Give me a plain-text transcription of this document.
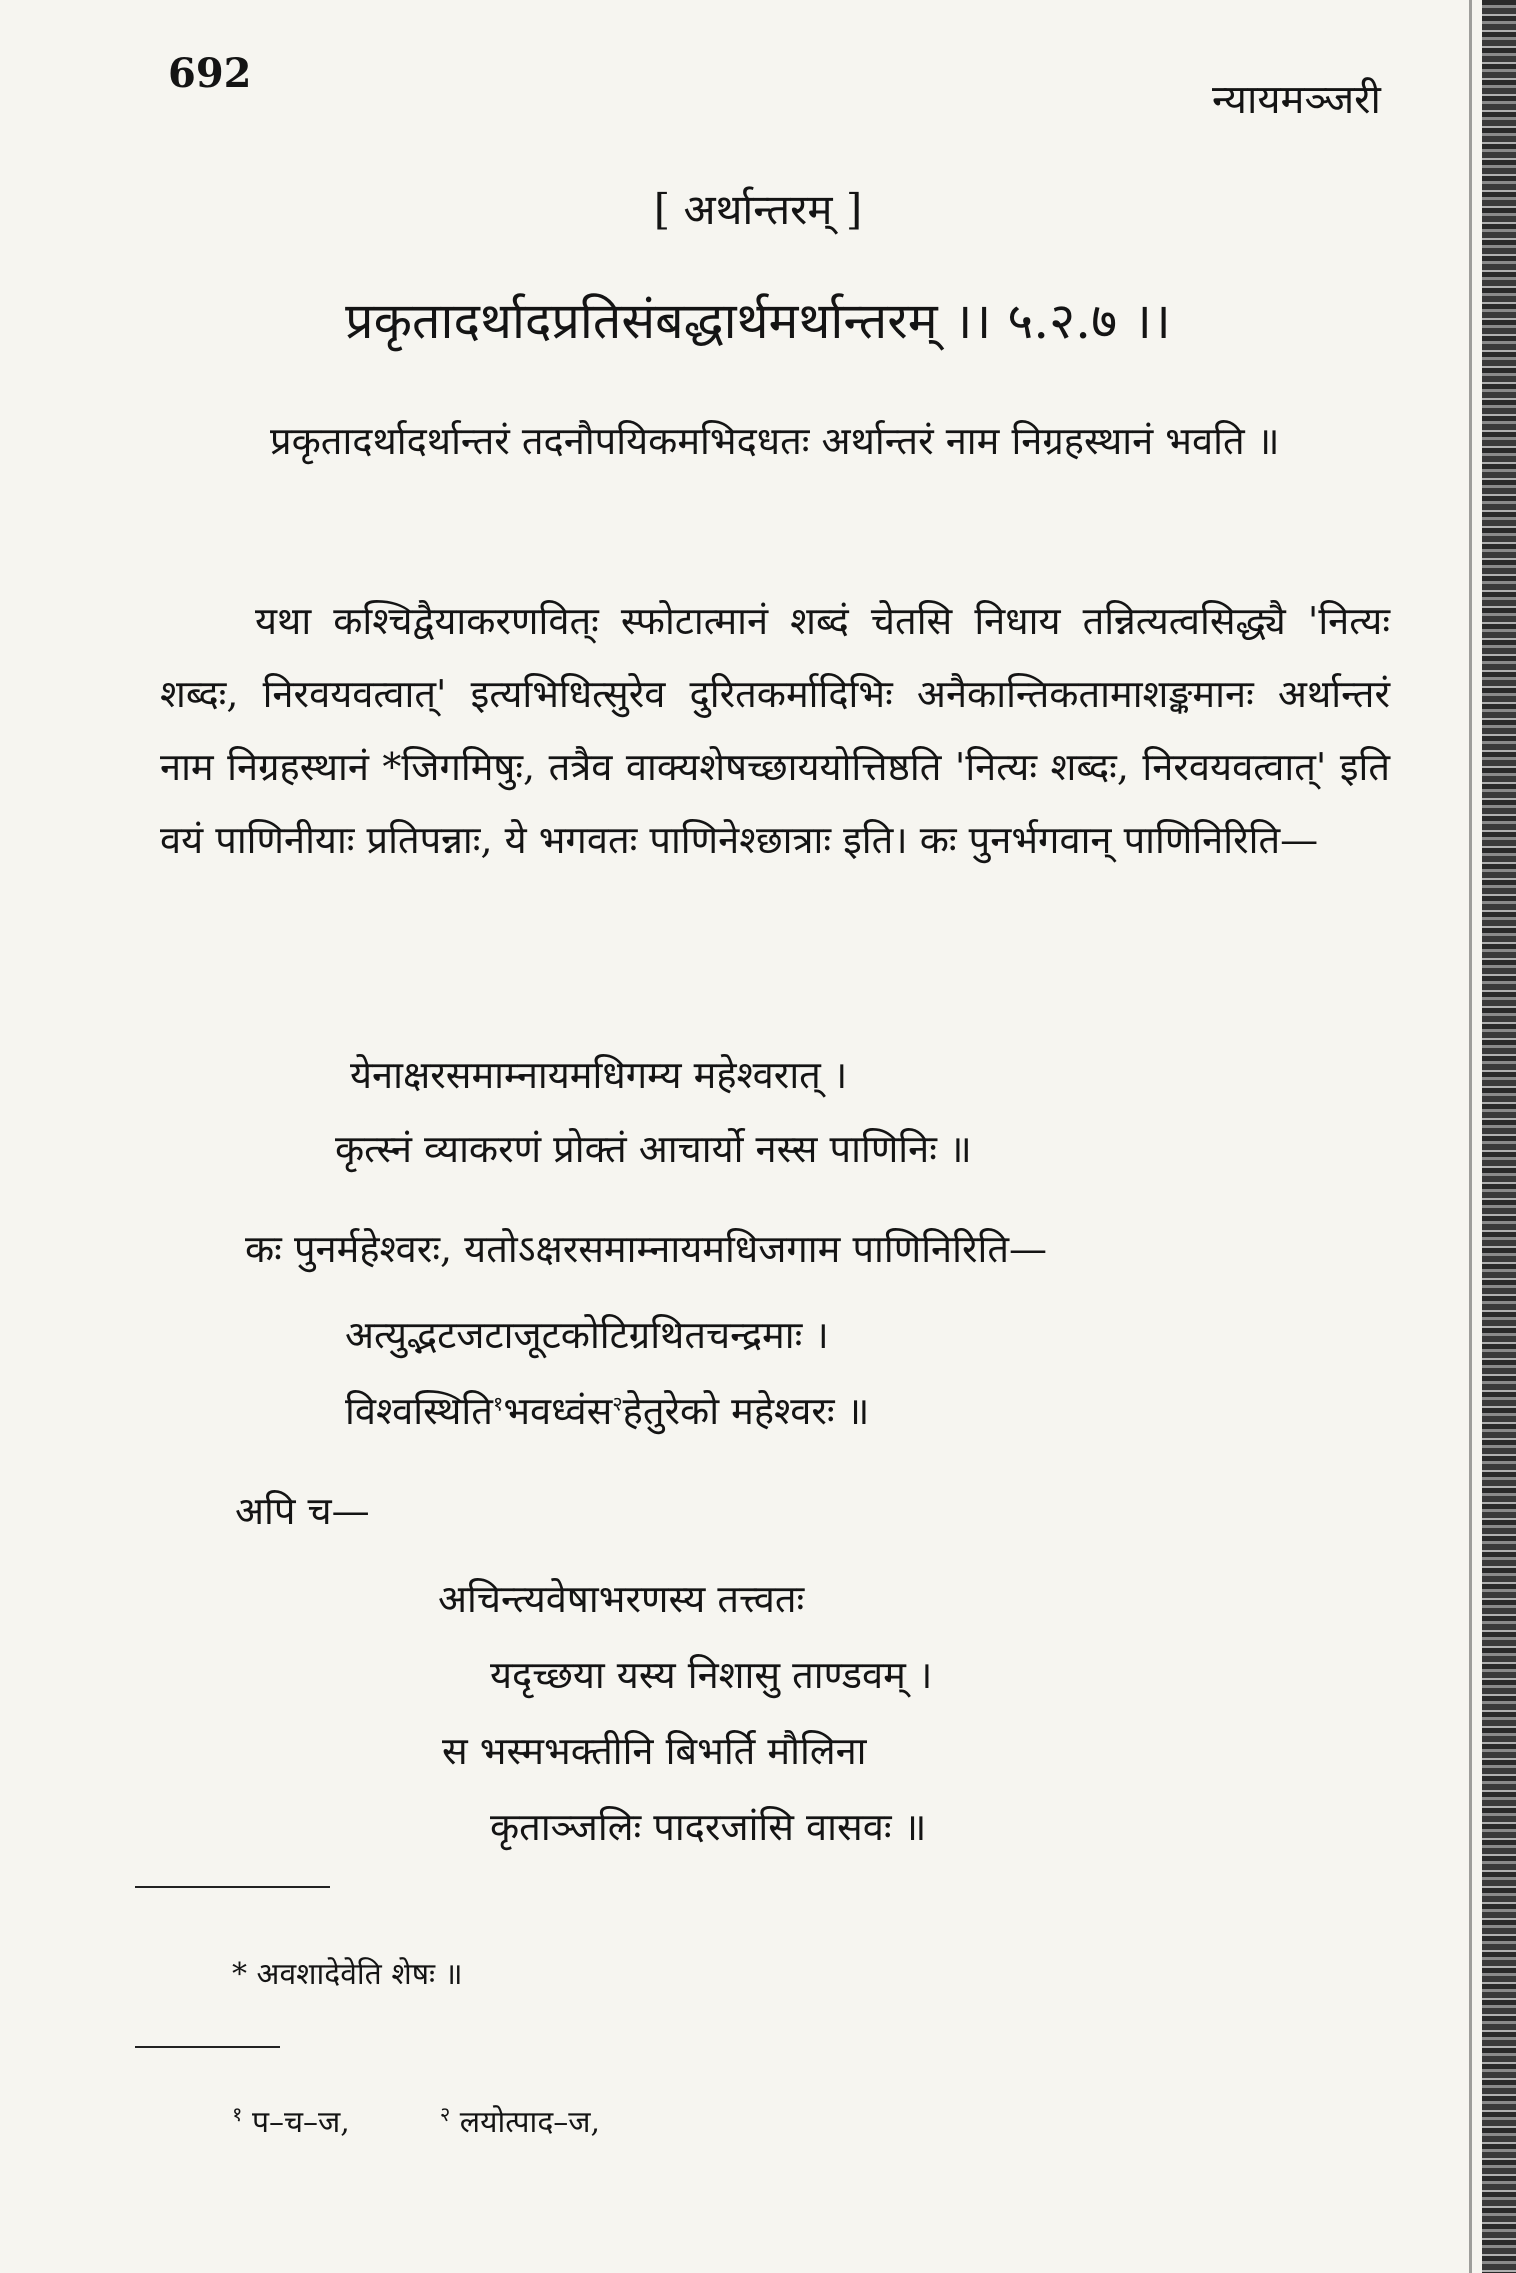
692
न्यायमञ्जरी
[ अर्थान्तरम् ]
प्रकृतादर्थादप्रतिसंबद्धार्थमर्थान्तरम् ।। ५.२.७ ।।
प्रकृतादर्थादर्थान्तरं तदनौपयिकमभिदधतः अर्थान्तरं नाम निग्रहस्थानं भवति ॥
यथा कश्चिद्वैयाकरणवित्ः स्फोटात्मानं शब्दं चेतसि निधाय तन्नित्यत्वसिद्ध्यै 'नित्यः शब्दः, निरवयवत्वात्' इत्यभिधित्सुरेव दुरितकर्मादिभिः अनैकान्तिकतामाशङ्कमानः अर्थान्तरं नाम निग्रहस्थानं *जिगमिषुः, तत्रैव वाक्यशेषच्छाययोत्तिष्ठति 'नित्यः शब्दः, निरवयवत्वात्' इति वयं पाणिनीयाः प्रतिपन्नाः, ये भगवतः पाणिनेश्छात्राः इति। कः पुनर्भगवान् पाणिनिरिति—
येनाक्षरसमाम्नायमधिगम्य महेश्वरात् ।
कृत्स्नं व्याकरणं प्रोक्तं आचार्यो नस्स पाणिनिः ॥
कः पुनर्महेश्वरः, यतोऽक्षरसमाम्नायमधिजगाम पाणिनिरिति—
अत्युद्भटजटाजूटकोटिग्रथितचन्द्रमाः ।
विश्वस्थिति$^१$भवध्वंस$^२$हेतुरेको महेश्वरः ॥
अपि च—
अचिन्त्यवेषाभरणस्य तत्त्वतः
यदृच्छया यस्य निशासु ताण्डवम् ।
स भस्मभक्तीनि बिभर्ति मौलिना
कृताञ्जलिः पादरजांसि वासवः ॥
* अवशादेवेति शेषः ॥
$^१$ प–च–ज,	$^२$ लयोत्पाद–ज,
